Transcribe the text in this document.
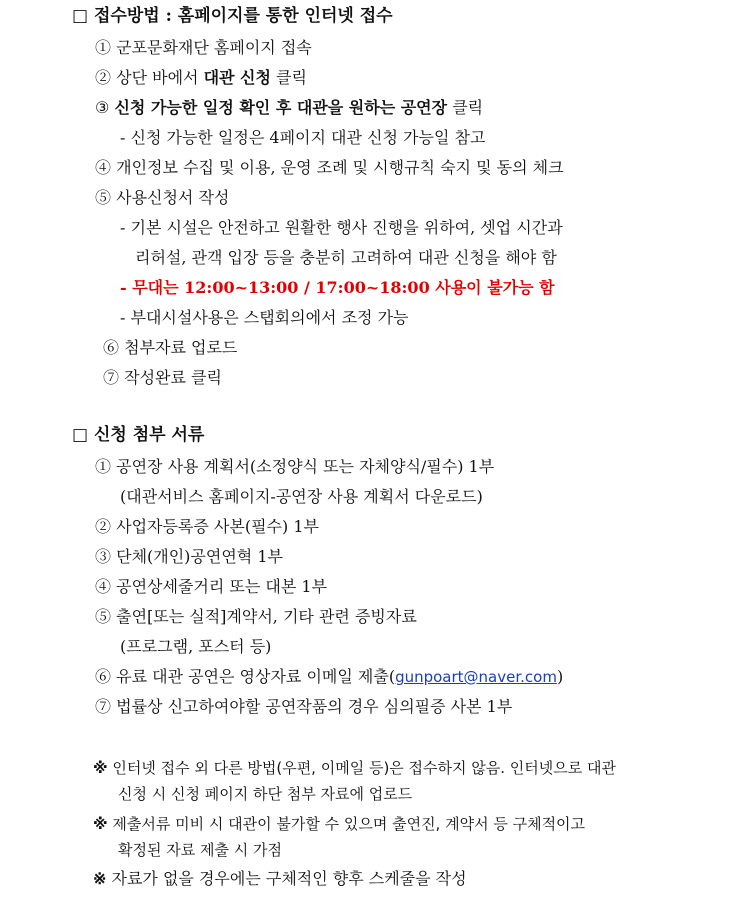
□ 접수방법 : 홈페이지를 통한 인터넷 접수
① 군포문화재단 홈페이지 접속
② 상단 바에서 대관 신청 클릭
③ 신청 가능한 일정 확인 후 대관을 원하는 공연장 클릭
- 신청 가능한 일정은 4페이지 대관 신청 가능일 참고
④ 개인정보 수집 및 이용, 운영 조례 및 시행규칙 숙지 및 동의 체크
⑤ 사용신청서 작성
- 기본 시설은 안전하고 원활한 행사 진행을 위하여, 셋업 시간과
리허설, 관객 입장 등을 충분히 고려하여 대관 신청을 해야 함
- 무대는 12:00~13:00 / 17:00~18:00 사용이 불가능 함
- 부대시설사용은 스탭회의에서 조정 가능
⑥ 첨부자료 업로드
⑦ 작성완료 클릭
□ 신청 첨부 서류
① 공연장 사용 계획서(소정양식 또는 자체양식/필수) 1부
(대관서비스 홈페이지-공연장 사용 계획서 다운로드)
② 사업자등록증 사본(필수) 1부
③ 단체(개인)공연연혁 1부
④ 공연상세줄거리 또는 대본 1부
⑤ 출연[또는 실적]계약서, 기타 관련 증빙자료
(프로그램, 포스터 등)
⑥ 유료 대관 공연은 영상자료 이메일 제출(gunpoart@naver.com)
⑦ 법률상 신고하여야할 공연작품의 경우 심의필증 사본 1부
※ 인터넷 접수 외 다른 방법(우편, 이메일 등)은 접수하지 않음. 인터넷으로 대관
신청 시 신청 페이지 하단 첨부 자료에 업로드
※ 제출서류 미비 시 대관이 불가할 수 있으며 출연진, 계약서 등 구체적이고
확정된 자료 제출 시 가점
※ 자료가 없을 경우에는 구체적인 향후 스케줄을 작성
